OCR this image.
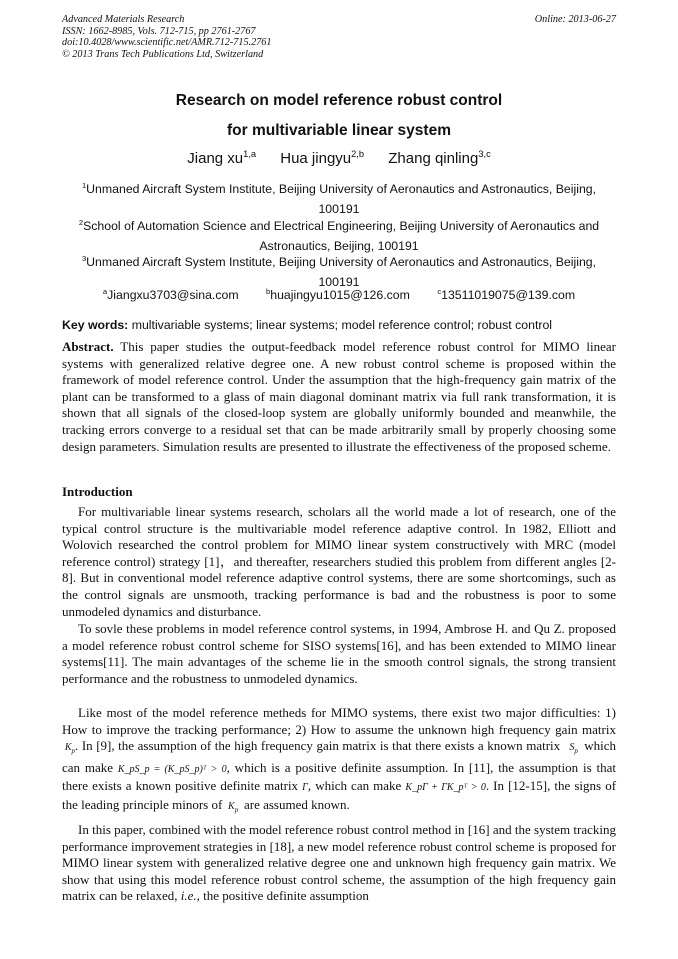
Advanced Materials Research
ISSN: 1662-8985, Vols. 712-715, pp 2761-2767
doi:10.4028/www.scientific.net/AMR.712-715.2761
© 2013 Trans Tech Publications Ltd, Switzerland
Online: 2013-06-27
Research on model reference robust control
for multivariable linear system
Jiang xu$^{1,a}$ Hua jingyu$^{2,b}$ Zhang qinling$^{3,c}$
$^1$Unmaned Aircraft System Institute, Beijing University of Aeronautics and Astronautics, Beijing, 100191
$^2$School of Automation Science and Electrical Engineering, Beijing University of Aeronautics and Astronautics, Beijing, 100191
$^3$Unmaned Aircraft System Institute, Beijing University of Aeronautics and Astronautics, Beijing, 100191
$^a$Jiangxu3703@sina.com	$^b$huajingyu1015@126.com	$^c$13511019075@139.com
Key words: multivariable systems; linear systems; model reference control; robust control
Abstract. This paper studies the output-feedback model reference robust control for MIMO linear systems with generalized relative degree one. A new robust control scheme is proposed within the framework of model reference control. Under the assumption that the high-frequency gain matrix of the plant can be transformed to a glass of main diagonal dominant matrix via full rank transformation, it is shown that all signals of the closed-loop system are globally uniformly bounded and meanwhile, the tracking errors converge to a residual set that can be made arbitrarily small by properly choosing some design parameters. Simulation results are presented to illustrate the effectiveness of the proposed scheme.
Introduction
For multivariable linear systems research, scholars all the world made a lot of research, one of the typical control structure is the multivariable model reference adaptive control. In 1982, Elliott and Wolovich researched the control problem for MIMO linear system constructively with MRC (model reference control) strategy [1]，and thereafter, researchers studied this problem from different angles [2-8]. But in conventional model reference adaptive control systems, there are some shortcomings, such as the control signals are unsmooth, tracking performance is bad and the robustness is poor to some unmodeled dynamics and disturbance.
To sovle these problems in model reference control systems, in 1994, Ambrose H. and Qu Z. proposed a model reference robust control scheme for SISO systems[16], and has been extended to MIMO linear systems[11]. The main advantages of the scheme lie in the smooth control signals, the strong transient performance and the robustness to unmodeled dynamics.
Like most of the model reference metheds for MIMO systems, there exist two major difficulties: 1) How to improve the tracking performance; 2) How to assume the unknown high frequency gain matrix  $K_p$. In [9], the assumption of the high frequency gain matrix is that there exists a known matrix $S_p$ which can make K_pS_p = (K_pS_p)ᵀ > 0, which is a positive definite assumption. In [11], the assumption is that there exists a known positive definite matrix Γ, which can make K_pΓ + ΓK_pᵀ > 0. In [12-15], the signs of the leading principle minors of $K_p$ are assumed known.
In this paper, combined with the model reference robust control method in [16] and the system tracking performance improvement strategies in [18], a new model reference robust control scheme is proposed for MIMO linear system with generalized relative degree one and unknown high frequency gain matrix. We show that using this model reference robust control scheme, the assumption of the high frequency gain matrix can be relaxed, i.e., the positive definite assumption
